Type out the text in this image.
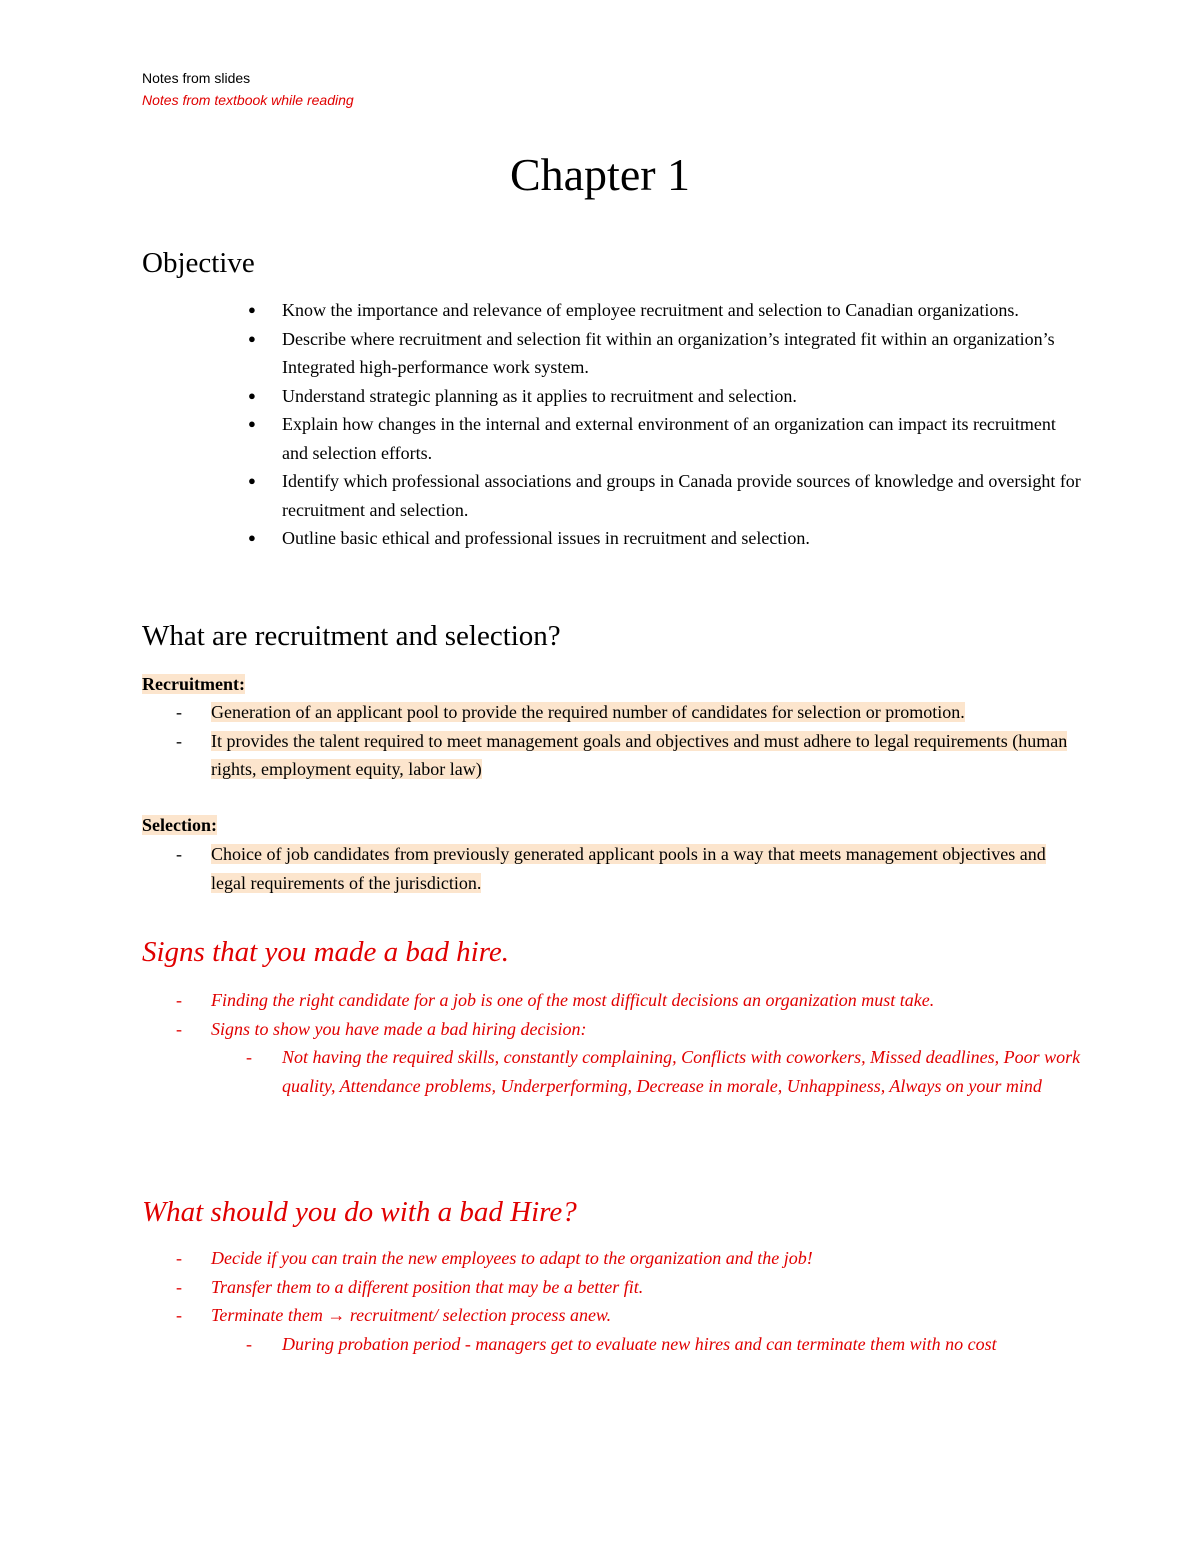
Notes from slides
Notes from textbook while reading
Chapter 1
Objective
● Know the importance and relevance of employee recruitment and selection to Canadian organizations.
● Describe where recruitment and selection fit within an organization’s integrated fit within an organization’s Integrated high-performance work system.
● Understand strategic planning as it applies to recruitment and selection.
● Explain how changes in the internal and external environment of an organization can impact its recruitment and selection efforts.
● Identify which professional associations and groups in Canada provide sources of knowledge and oversight for recruitment and selection.
● Outline basic ethical and professional issues in recruitment and selection.
What are recruitment and selection?
Recruitment:
- Generation of an applicant pool to provide the required number of candidates for selection or promotion.
- It provides the talent required to meet management goals and objectives and must adhere to legal requirements (human rights, employment equity, labor law)
Selection:
- Choice of job candidates from previously generated applicant pools in a way that meets management objectives and legal requirements of the jurisdiction.
Signs that you made a bad hire.
- Finding the right candidate for a job is one of the most difficult decisions an organization must take.
- Signs to show you have made a bad hiring decision:
- Not having the required skills, constantly complaining, Conflicts with coworkers, Missed deadlines, Poor work quality, Attendance problems, Underperforming, Decrease in morale, Unhappiness, Always on your mind
What should you do with a bad Hire?
- Decide if you can train the new employees to adapt to the organization and the job!
- Transfer them to a different position that may be a better fit.
- Terminate them → recruitment/ selection process anew.
- During probation period - managers get to evaluate new hires and can terminate them with no cost
